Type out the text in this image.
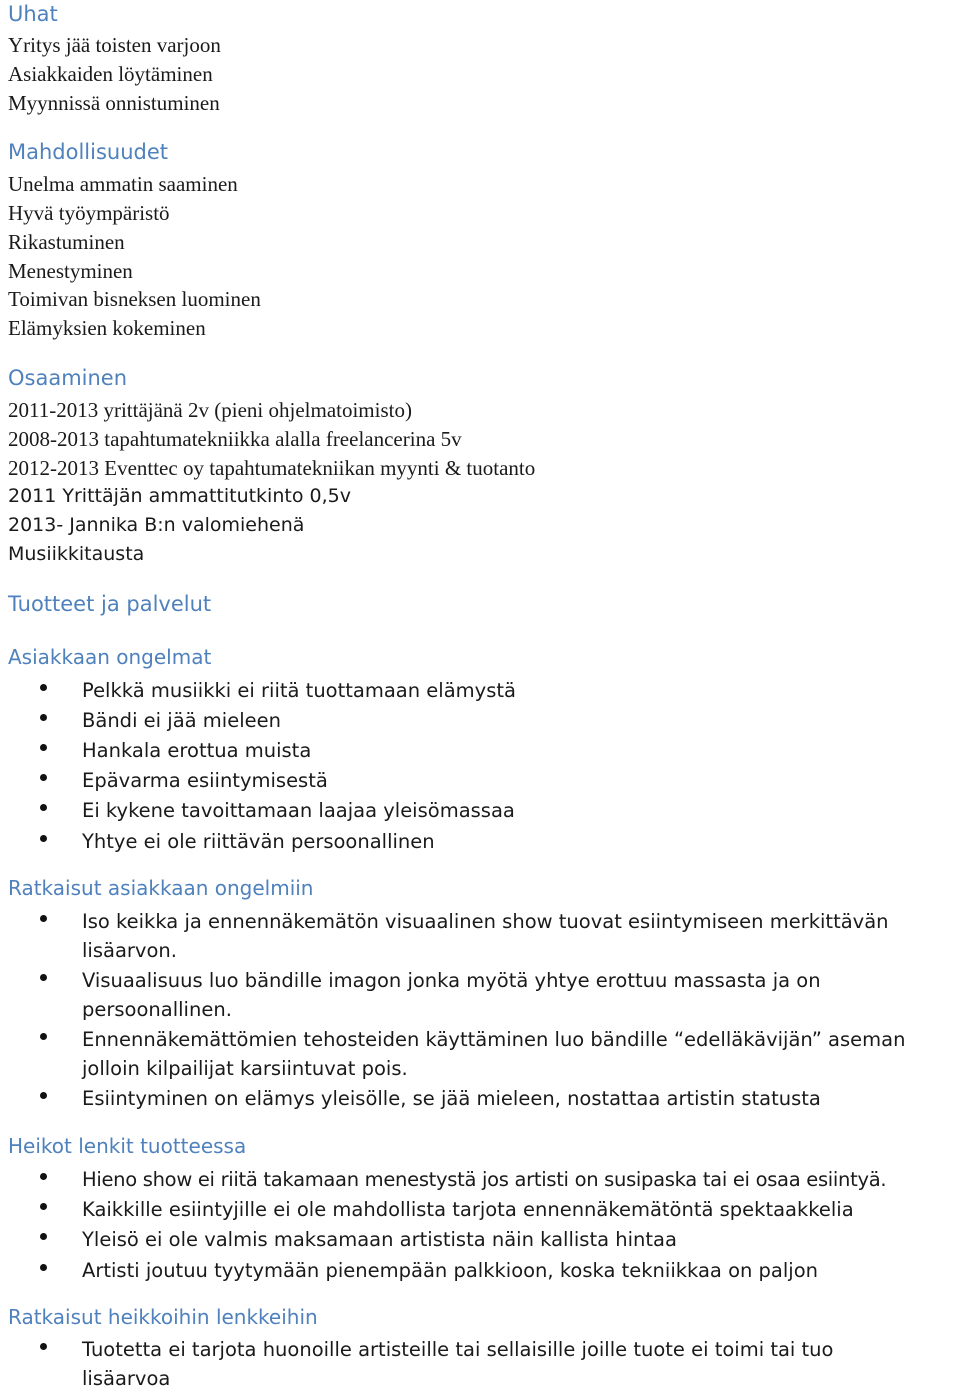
Uhat
Yritys jää toisten varjoon
Asiakkaiden löytäminen
Myynnissä onnistuminen
Mahdollisuudet
Unelma ammatin saaminen
Hyvä työympäristö
Rikastuminen
Menestyminen
Toimivan bisneksen luominen
Elämyksien kokeminen
Osaaminen
2011-2013 yrittäjänä 2v (pieni ohjelmatoimisto)
2008-2013 tapahtumatekniikka alalla freelancerina 5v
2012-2013 Eventtec oy tapahtumatekniikan myynti & tuotanto
2011 Yrittäjän ammattitutkinto 0,5v
2013- Jannika B:n valomiehenä
Musiikkitausta
Tuotteet ja palvelut
Asiakkaan ongelmat
Pelkkä musiikki ei riitä tuottamaan elämystä
Bändi ei jää mieleen
Hankala erottua muista
Epävarma esiintymisestä
Ei kykene tavoittamaan laajaa yleisömassaa
Yhtye ei ole riittävän persoonallinen
Ratkaisut asiakkaan ongelmiin
Iso keikka ja ennennäkemätön visuaalinen show tuovat esiintymiseen merkittävän lisäarvon.
Visuaalisuus luo bändille imagon jonka myötä yhtye erottuu massasta ja on persoonallinen.
Ennennäkemättömien tehosteiden käyttäminen luo bändille “edelläkävijän” aseman jolloin kilpailijat karsiintuvat pois.
Esiintyminen on elämys yleisölle, se jää mieleen, nostattaa artistin statusta
Heikot lenkit tuotteessa
Hieno show ei riitä takamaan menestystä jos artisti on susipaska tai ei osaa esiintyä.
Kaikkille esiintyjille ei ole mahdollista tarjota ennennäkemätöntä spektaakkelia
Yleisö ei ole valmis maksamaan artistista näin kallista hintaa
Artisti joutuu tyytymään pienempään palkkioon, koska tekniikkaa on paljon
Ratkaisut heikkoihin lenkkeihin
Tuotetta ei tarjota huonoille artisteille tai sellaisille joille tuote ei toimi tai tuo lisäarvoa
